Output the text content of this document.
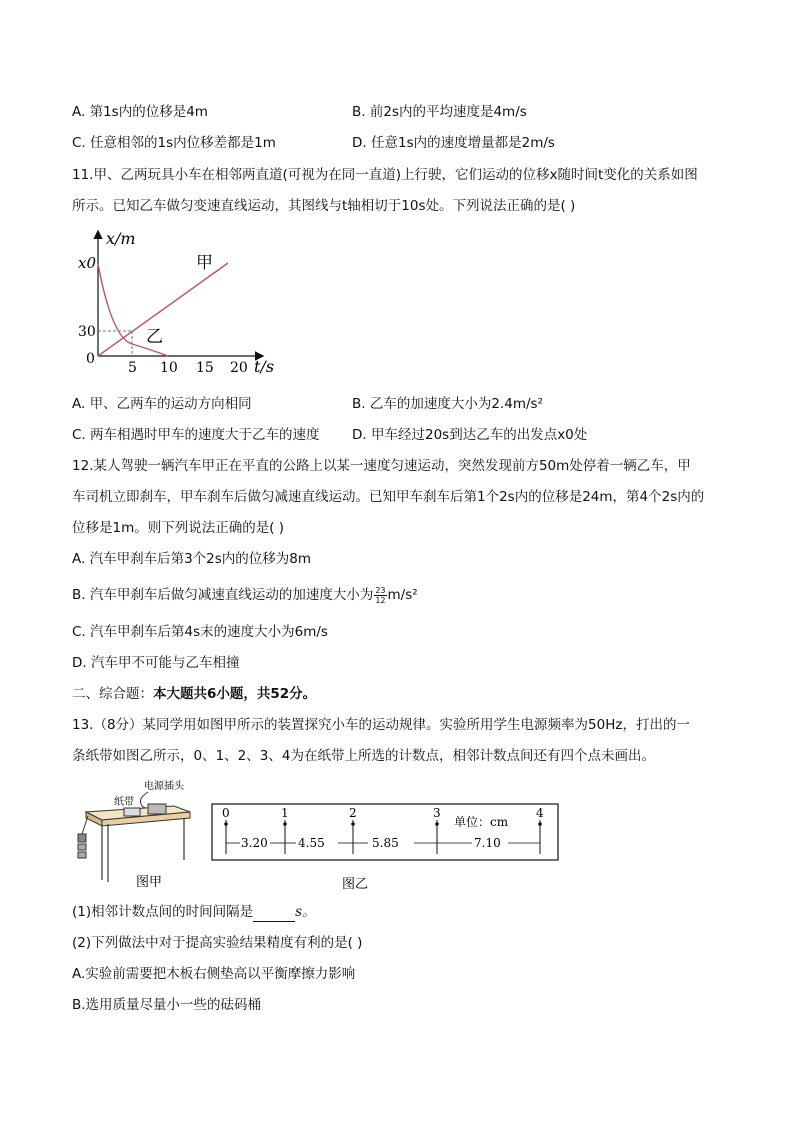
A. 第1s内的位移是4m	B. 前2s内的平均速度是4m/s
C. 任意相邻的1s内位移差都是1m	D. 任意1s内的速度增量都是2m/s
11.甲、乙两玩具小车在相邻两直道(可视为在同一直道)上行驶，它们运动的位移x随时间t变化的关系如图
所示。已知乙车做匀变速直线运动，其图线与t轴相切于10s处。下列说法正确的是( )
x/m
t/s
x0
30
0
5 10 15 20
甲
乙
A. 甲、乙两车的运动方向相同	B. 乙车的加速度大小为2.4m/s²
C. 两车相遇时甲车的速度大于乙车的速度 D. 甲车经过20s到达乙车的出发点x0处
12.某人驾驶一辆汽车甲正在平直的公路上以某一速度匀速运动，突然发现前方50m处停着一辆乙车，甲
车司机立即刹车，甲车刹车后做匀减速直线运动。已知甲车刹车后第1个2s内的位移是24m，第4个2s内的
位移是1m。则下列说法正确的是( )
A. 汽车甲刹车后第3个2s内的位移为8m
B. 汽车甲刹车后做匀减速直线运动的加速度大小为 $\frac{23}{12} m/s^2$
C. 汽车甲刹车后第4s末的速度大小为6m/s
D. 汽车甲不可能与乙车相撞
二、综合题：本大题共6小题，共52分。
13.（8分）某同学用如图甲所示的装置探究小车的运动规律。实验所用学生电源频率为50Hz，打出的一
条纸带如图乙所示，0、1、2、3、4为在纸带上所选的计数点，相邻计数点间还有四个点未画出。
电源插头
纸带
图甲
0	1	2	3	4
单位：cm
3.20	4.55	5.85	7.10
图乙
(1)相邻计数点间的时间间隔是	s。
(2)下列做法中对于提高实验结果精度有利的是( )
A.实验前需要把木板右侧垫高以平衡摩擦力影响
B.选用质量尽量小一些的砝码桶
